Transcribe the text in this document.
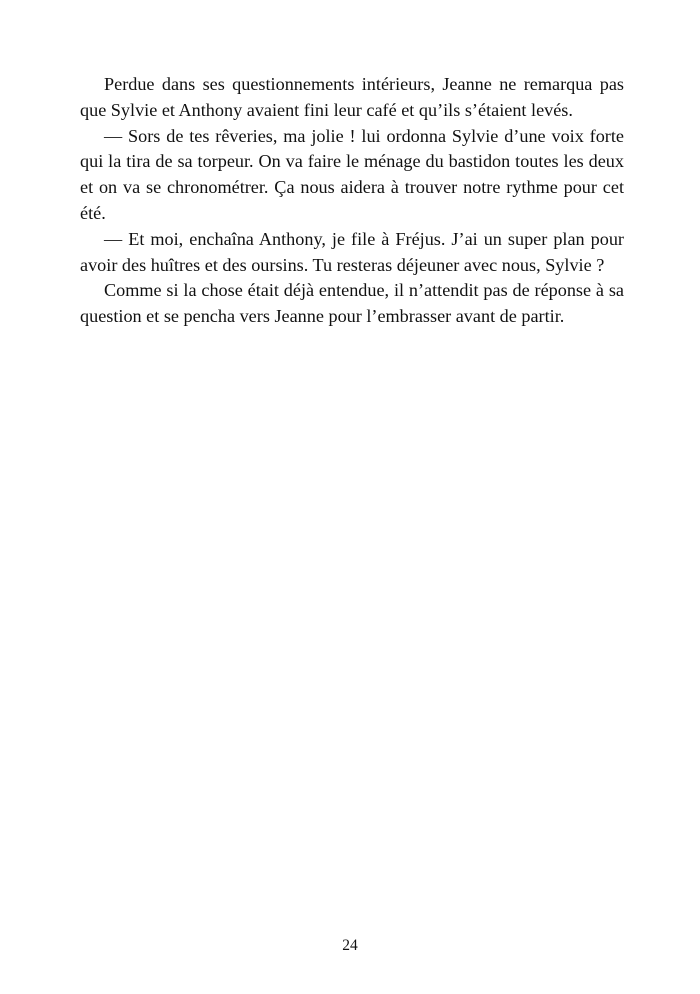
Perdue dans ses questionnements intérieurs, Jeanne ne remarqua pas que Sylvie et Anthony avaient fini leur café et qu’ils s’étaient levés.

— Sors de tes rêveries, ma jolie ! lui ordonna Sylvie d’une voix forte qui la tira de sa torpeur. On va faire le ménage du bastidon toutes les deux et on va se chronométrer. Ça nous aidera à trouver notre rythme pour cet été.

— Et moi, enchaîna Anthony, je file à Fréjus. J’ai un super plan pour avoir des huîtres et des oursins. Tu resteras déjeuner avec nous, Sylvie ?

Comme si la chose était déjà entendue, il n’attendit pas de réponse à sa question et se pencha vers Jeanne pour l’embrasser avant de partir.

24
